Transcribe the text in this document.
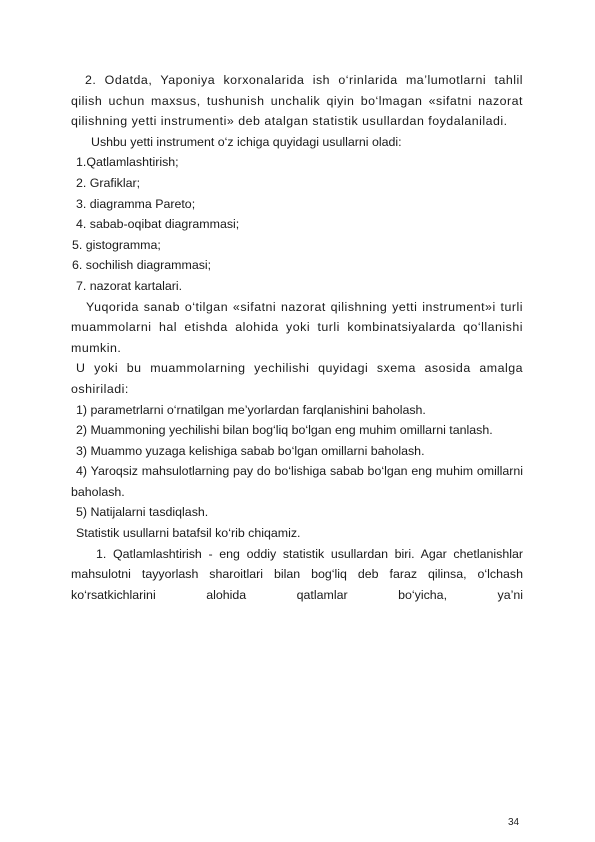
2. Odatda, Yaponiya korxonalarida ish o‘rinlarida ma’lumotlarni tahlil qilish uchun maxsus, tushunish unchalik qiyin bo‘lmagan «sifatni nazorat qilishning yetti instrumenti» deb atalgan statistik usullardan foydalaniladi.

Ushbu yetti instrument o‘z ichiga quyidagi usullarni oladi:

1.Qatlamlashtirish;

2. Grafiklar;

3. diagramma Pareto;

4. sabab-oqibat diagrammasi;

5. gistogramma;

6. sochilish diagrammasi;

7. nazorat kartalari.

Yuqorida sanab o‘tilgan «sifatni nazorat qilishning yetti instrument»i turli muammolarni hal etishda alohida yoki turli kombinatsiyalarda qo‘llanishi mumkin.

U yoki bu muammolarning yechilishi quyidagi sxema asosida amalga oshiriladi:

1) parametrlarni o‘rnatilgan me’yorlardan farqlanishini baholash.

2) Muammoning yechilishi bilan bog‘liq bo‘lgan eng muhim omillarni tanlash.

3) Muammo yuzaga kelishiga sabab bo‘lgan omillarni baholash.

4) Yaroqsiz mahsulotlarning pay do bo‘lishiga sabab bo‘lgan eng muhim omillarni baholash.

5) Natijalarni tasdiqlash.

Statistik usullarni batafsil ko‘rib chiqamiz.

1. Qatlamlashtirish - eng oddiy statistik usullardan biri. Agar chetlanishlar mahsulotni tayyorlash sharoitlari bilan bog‘liq deb faraz qilinsa, o‘lchash ko‘rsatkichlarini alohida qatlamlar bo‘yicha, ya’ni

34
